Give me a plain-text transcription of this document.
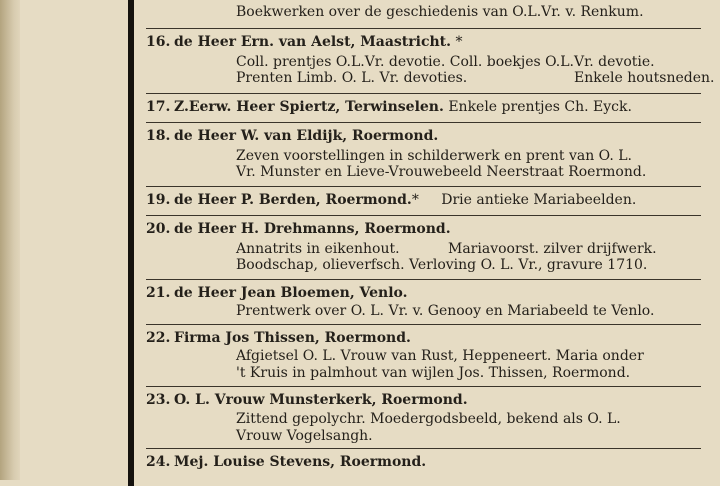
Boekwerken over de geschiedenis van O.L.Vr. v. Renkum.
16. de Heer Ern. van Aelst, Maastricht. *
Coll. prentjes O.L.Vr. devotie. Coll. boekjes O.L.Vr. devotie.
Prenten Limb. O. L. Vr. devoties.	Enkele houtsneden.
17. Z.Eerw. Heer Spiertz, Terwinselen. Enkele prentjes Ch. Eyck.
18. de Heer W. van Eldijk, Roermond.
Zeven voorstellingen in schilderwerk en prent van O. L.
Vr. Munster en Lieve-Vrouwebeeld Neerstraat Roermond.
19. de Heer P. Berden, Roermond.* Drie antieke Mariabeelden.
20. de Heer H. Drehmanns, Roermond.
Annatrits in eikenhout.	Mariavoorst. zilver drijfwerk.
Boodschap, olieverfsch. Verloving O. L. Vr., gravure 1710.
21. de Heer Jean Bloemen, Venlo.
Prentwerk over O. L. Vr. v. Genooy en Mariabeeld te Venlo.
22. Firma Jos Thissen, Roermond.
Afgietsel O. L. Vrouw van Rust, Heppeneert. Maria onder
't Kruis in palmhout van wijlen Jos. Thissen, Roermond.
23. O. L. Vrouw Munsterkerk, Roermond.
Zittend gepolychr. Moedergodsbeeld, bekend als O. L.
Vrouw Vogelsangh.
24. Mej. Louise Stevens, Roermond.
